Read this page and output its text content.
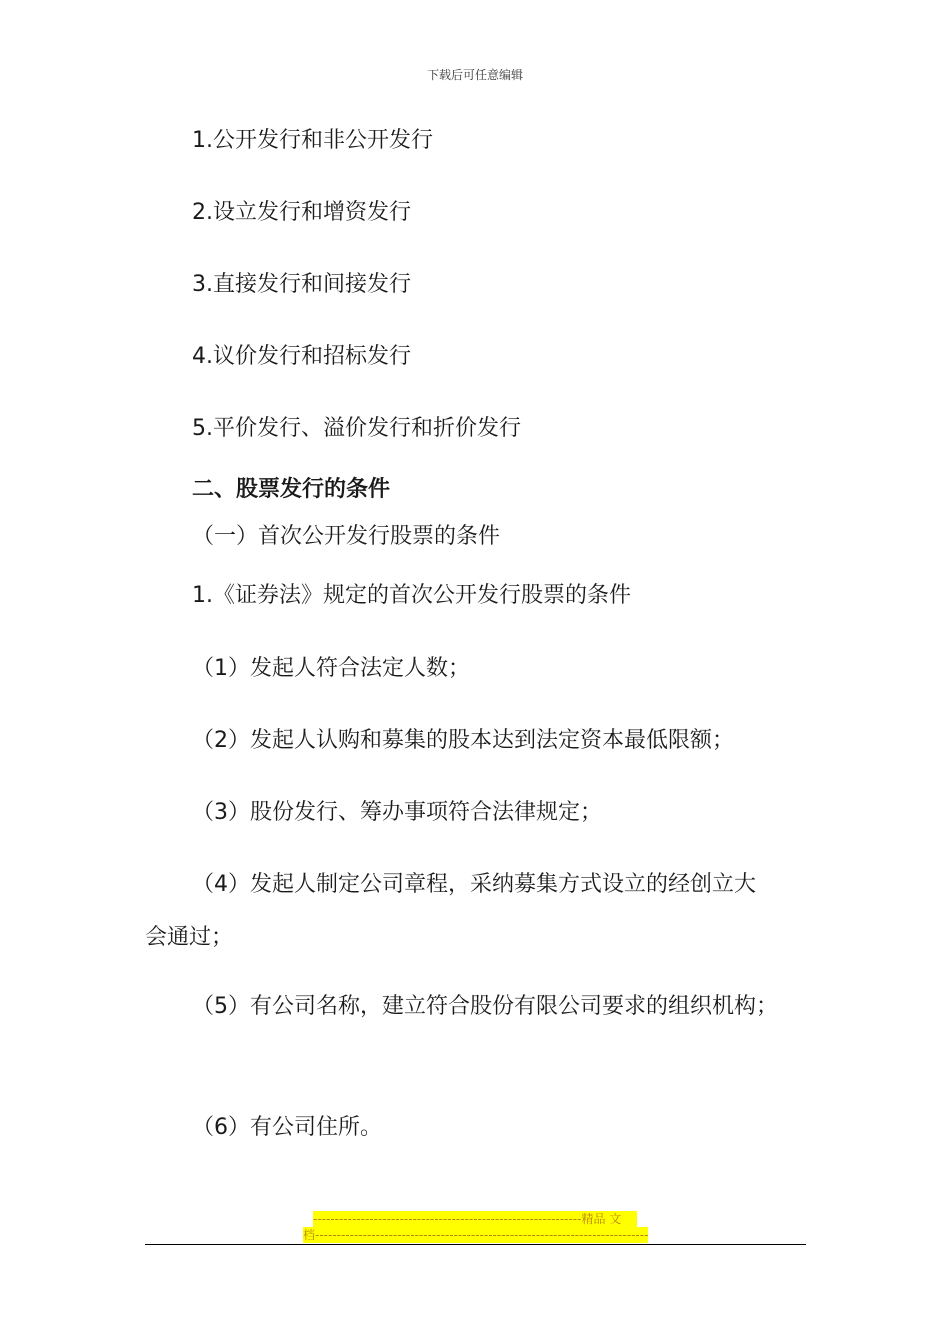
下载后可任意编辑
1.公开发行和非公开发行
2.设立发行和增资发行
3.直接发行和间接发行
4.议价发行和招标发行
5.平价发行、溢价发行和折价发行
二、股票发行的条件
（一）首次公开发行股票的条件
1.《证券法》规定的首次公开发行股票的条件
（1）发起人符合法定人数；
（2）发起人认购和募集的股本达到法定资本最低限额；
（3）股份发行、筹办事项符合法律规定；
（4）发起人制定公司章程，采纳募集方式设立的经创立大
会通过；
（5）有公司名称，建立符合股份有限公司要求的组织机构；
（6）有公司住所。
--------------------------------------------------------------精品 文
档-----------------------------------------------------------------------------
